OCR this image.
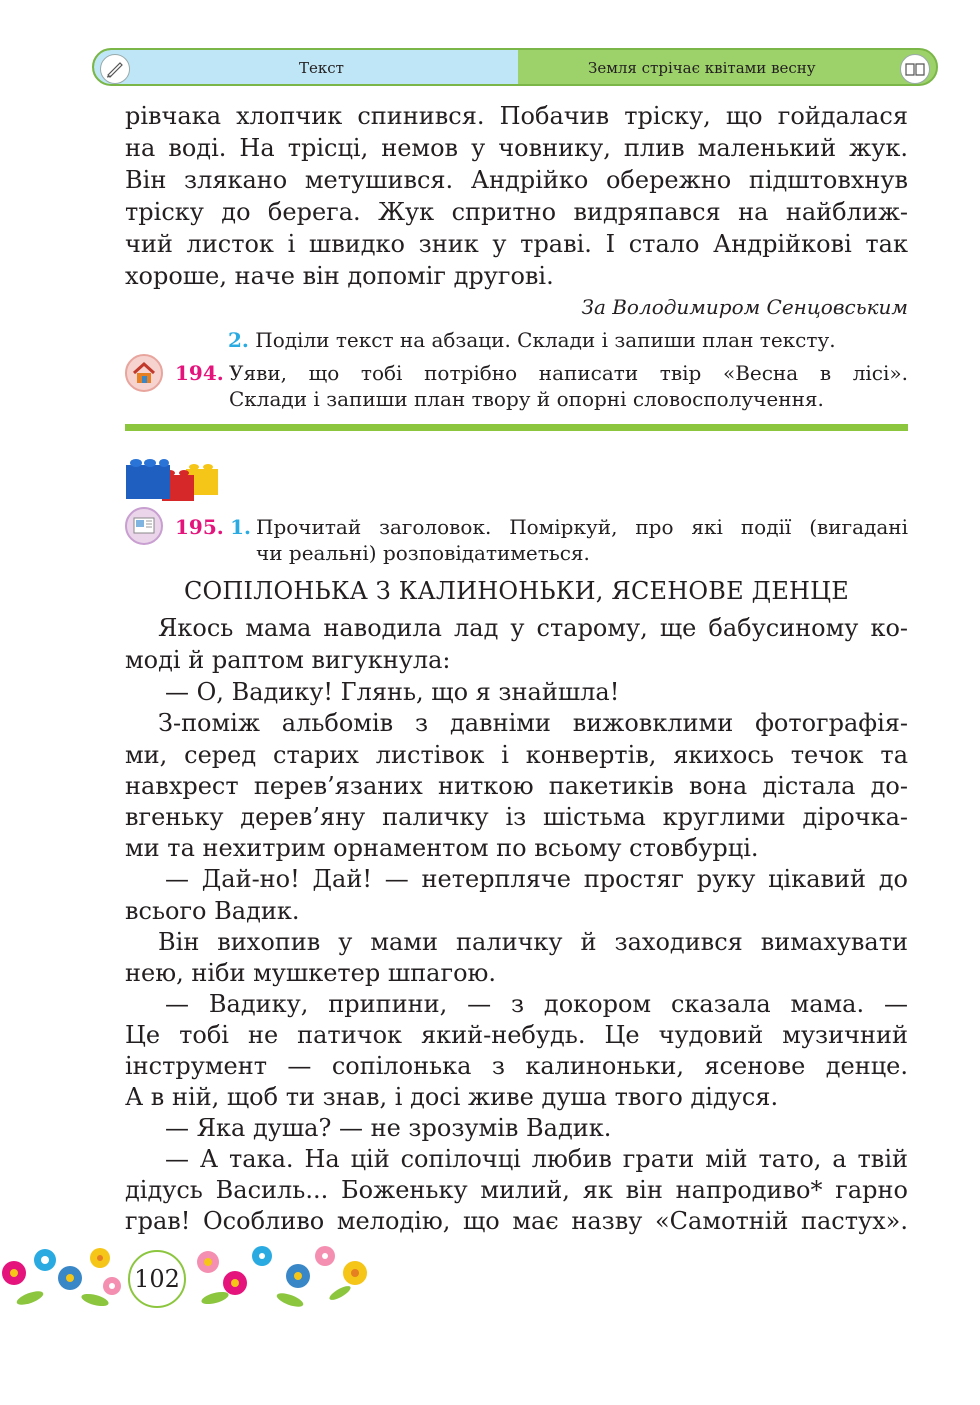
Текст	Земля стрічає квітами весну

рівчака хлопчик спинився. Побачив тріску, що гойдалася

на воді. На трісці, немов у човнику, плив маленький жук.

Він злякано метушився. Андрійко обережно підштовхнув

тріску до берега. Жук спритно видряпався на найближ-

чий листок і швидко зник у траві. І стало Андрійкові так

хороше, наче він допоміг другові.

За Володимиром Сенцовським
2. Поділи текст на абзаци. Склади і запиши план тексту.
194. Уяви, що тобі потрібно написати твір «Весна в лісі».
Склади і запиши план твору й опорні словосполучення.
195. 1. Прочитай заголовок. Поміркуй, про які події (вигадані
чи реальні) розповідатиметься.
СОПІЛОНЬКА З КАЛИНОНЬКИ, ЯСЕНОВЕ ДЕНЦЕ

Якось мама наводила лад у старому, ще бабусиному ко-

моді й раптом вигукнула:

— О, Вадику! Глянь, що я знайшла!

З-поміж альбомів з давніми вижовклими фотографія-

ми, серед старих листівок і конвертів, якихось течок та

навхрест перев’язаних ниткою пакетиків вона дістала до-

вгеньку дерев’яну паличку із шістьма круглими дірочка-

ми та нехитрим орнаментом по всьому стовбурці.

— Дай-но! Дай! — нетерпляче простяг руку цікавий до

всього Вадик.

Він вихопив у мами паличку й заходився вимахувати

нею, ніби мушкетер шпагою.

— Вадику, припини, — з докором сказала мама. —

Це тобі не патичок який-небудь. Це чудовий музичний

інструмент — сопілонька з калиноньки, ясенове денце.

А в ній, щоб ти знав, і досі живе душа твого дідуся.

— Яка душа? — не зрозумів Вадик.

— А така. На цій сопілочці любив грати мій тато, а твій

дідусь Василь... Боженьку милий, як він напродиво* гарно

грав! Особливо мелодію, що має назву «Самотній пастух».

102
